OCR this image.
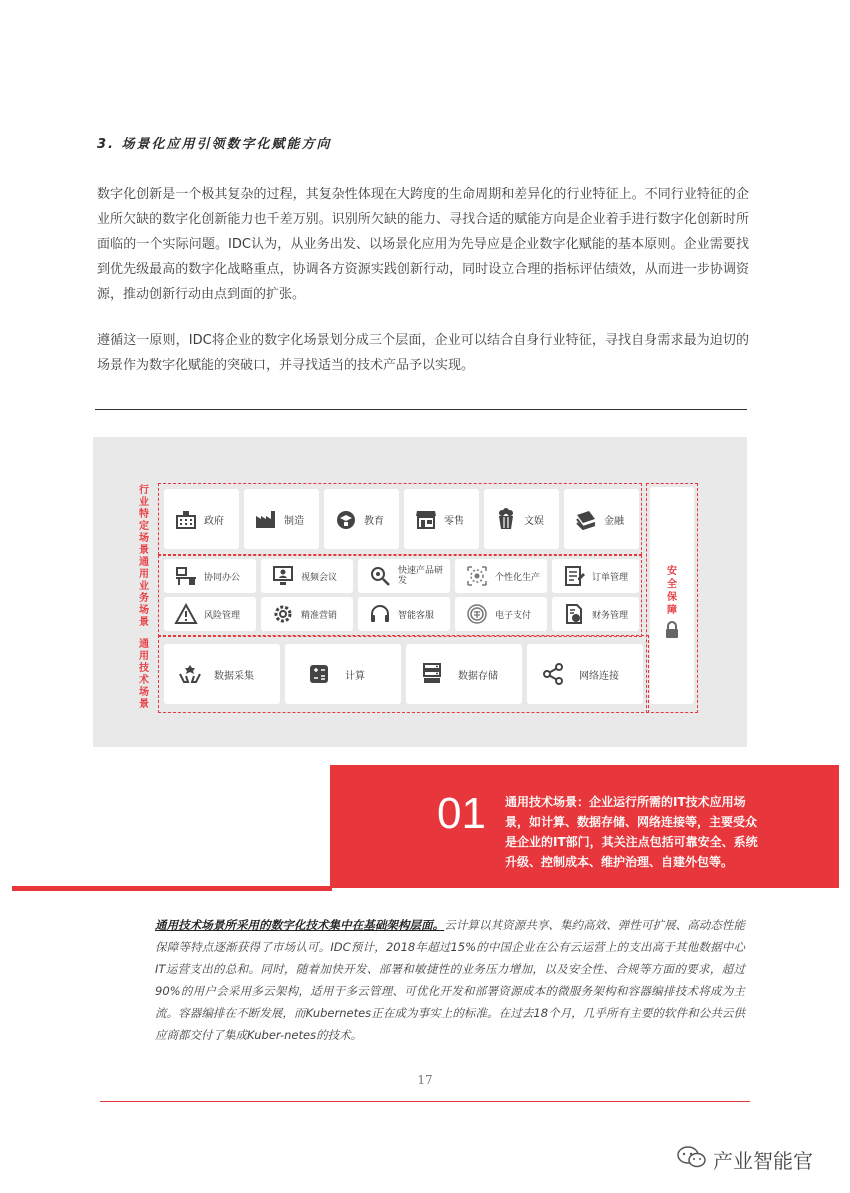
3. 场景化应用引领数字化赋能方向

数字化创新是一个极其复杂的过程，其复杂性体现在大跨度的生命周期和差异化的行业特征上。不同行业特征的企业所欠缺的数字化创新能力也千差万别。识别所欠缺的能力、寻找合适的赋能方向是企业着手进行数字化创新时所面临的一个实际问题。IDC认为，从业务出发、以场景化应用为先导应是企业数字化赋能的基本原则。企业需要找到优先级最高的数字化战略重点，协调各方资源实践创新行动，同时设立合理的指标评估绩效，从而进一步协调资源，推动创新行动由点到面的扩张。

遵循这一原则，IDC将企业的数字化场景划分成三个层面，企业可以结合自身行业特征，寻找自身需求最为迫切的场景作为数字化赋能的突破口，并寻找适当的技术产品予以实现。

行业特定场景
通用业务场景
通用技术场景
政府	制造	教育	零售	文娱	金融
协同办公	视频会议
快速产品研发	个性化生产	订单管理
风险管理	精准营销	智能客服	电子支付	财务管理
数据采集	计算	数据存储	网络连接
安全保障
01 通用技术场景：企业运行所需的IT技术应用场景，如计算、数据存储、网络连接等，主要受众是企业的IT部门，其关注点包括可靠安全、系统升级、控制成本、维护治理、自建外包等。
通用技术场景所采用的数字化技术集中在基础架构层面。云计算以其资源共享、集约高效、弹性可扩展、高动态性能保障等特点逐渐获得了市场认可。IDC预计，2018年超过15%的中国企业在公有云运营上的支出高于其他数据中心IT运营支出的总和。同时，随着加快开发、部署和敏捷性的业务压力增加，以及安全性、合规等方面的要求，超过90%的用户会采用多云架构，适用于多云管理、可优化开发和部署资源成本的微服务架构和容器编排技术将成为主流。容器编排在不断发展，而Kubernetes正在成为事实上的标准。在过去18个月，几乎所有主要的软件和公共云供应商都交付了集成Kuber-netes的技术。
17
产业智能官
